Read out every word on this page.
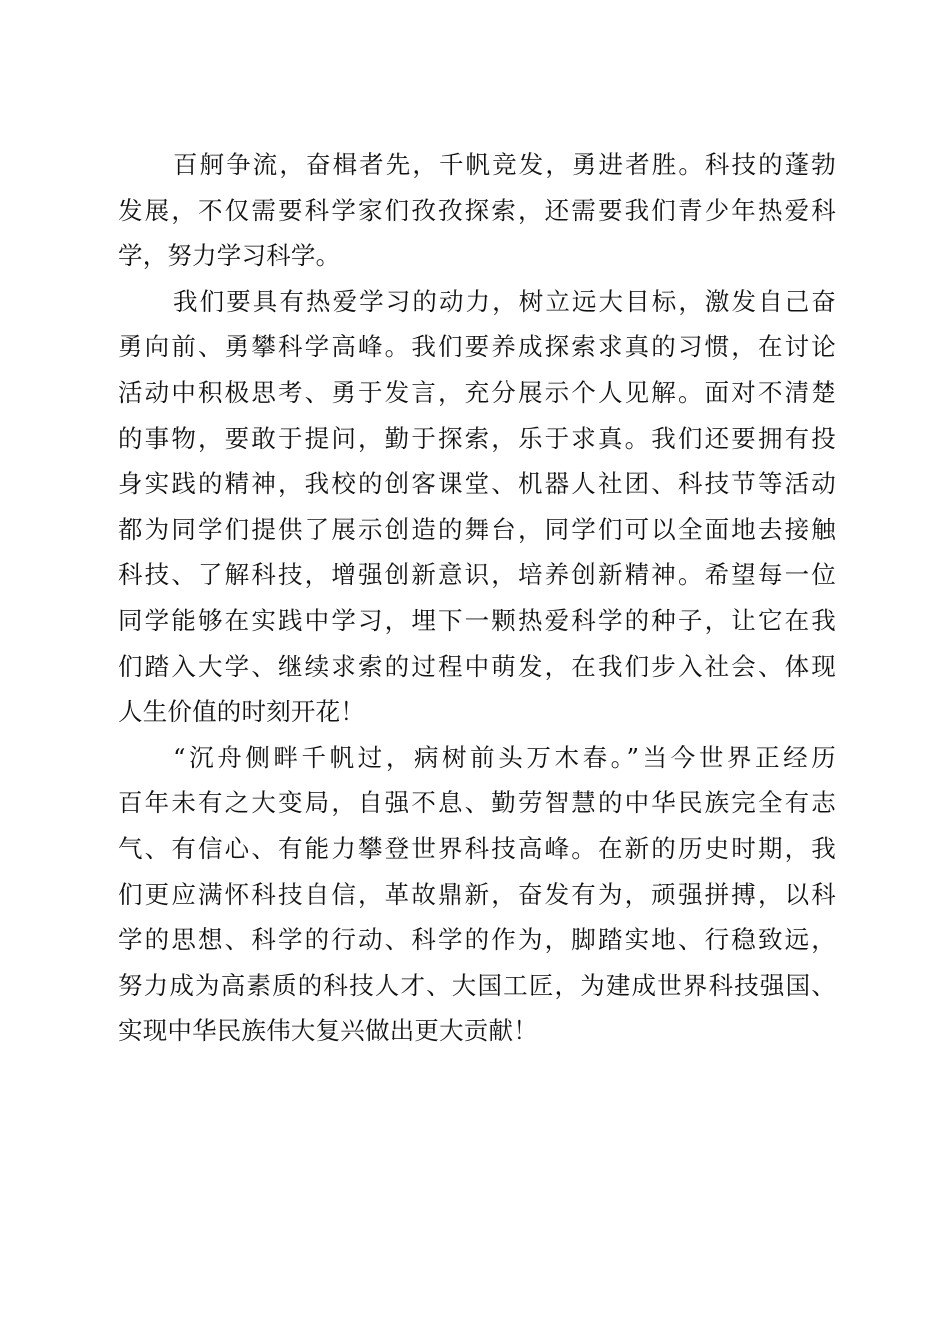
百舸争流，奋楫者先，千帆竞发，勇进者胜。科技的蓬勃
发展，不仅需要科学家们孜孜探索，还需要我们青少年热爱科
学，努力学习科学。
我们要具有热爱学习的动力，树立远大目标，激发自己奋
勇向前、勇攀科学高峰。我们要养成探索求真的习惯，在讨论
活动中积极思考、勇于发言，充分展示个人见解。面对不清楚
的事物，要敢于提问，勤于探索，乐于求真。我们还要拥有投
身实践的精神，我校的创客课堂、机器人社团、科技节等活动
都为同学们提供了展示创造的舞台，同学们可以全面地去接触
科技、了解科技，增强创新意识，培养创新精神。希望每一位
同学能够在实践中学习，埋下一颗热爱科学的种子，让它在我
们踏入大学、继续求索的过程中萌发，在我们步入社会、体现
人生价值的时刻开花！
“沉舟侧畔千帆过，病树前头万木春。”当今世界正经历
百年未有之大变局，自强不息、勤劳智慧的中华民族完全有志
气、有信心、有能力攀登世界科技高峰。在新的历史时期，我
们更应满怀科技自信，革故鼎新，奋发有为，顽强拼搏，以科
学的思想、科学的行动、科学的作为，脚踏实地、行稳致远，
努力成为高素质的科技人才、大国工匠，为建成世界科技强国、
实现中华民族伟大复兴做出更大贡献！
